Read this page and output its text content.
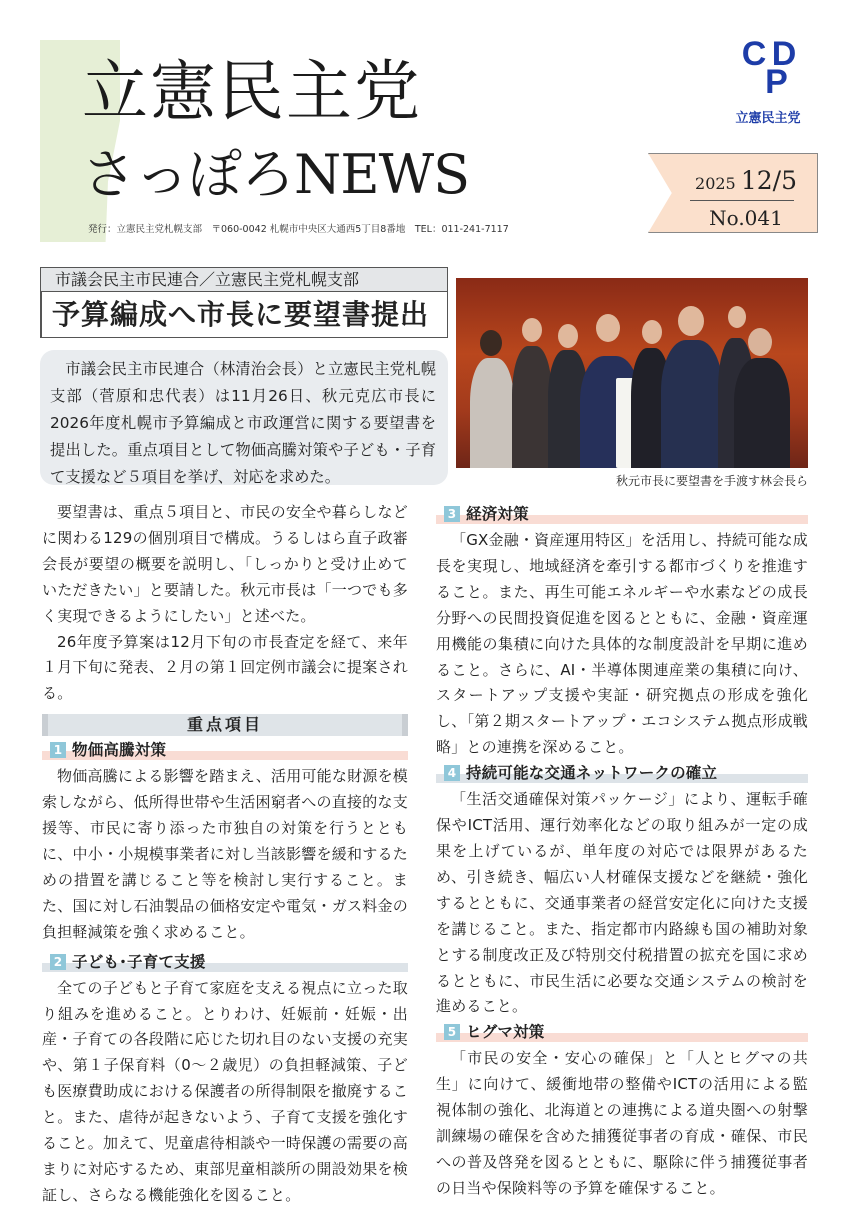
立憲民主党
さっぽろNEWS
発行：立憲民主党札幌支部　〒060-0042 札幌市中央区大通西5丁目8番地　TEL：011-241-7117
C D
P
立憲民主党
2025 12/5
No.041
市議会民主市民連合／立憲民主党札幌支部
予算編成へ市長に要望書提出
秋元市長に要望書を手渡す林会長ら
市議会民主市民連合（林清治会長）と立憲民主党札幌支部（菅原和忠代表）は11月26日、秋元克広市長に2026年度札幌市予算編成と市政運営に関する要望書を提出した。重点項目として物価高騰対策や子ども・子育て支援など５項目を挙げ、対応を求めた。

要望書は、重点５項目と、市民の安全や暮らしなどに関わる129の個別項目で構成。うるしはら直子政審会長が要望の概要を説明し、「しっかりと受け止めていただきたい」と要請した。秋元市長は「一つでも多く実現できるようにしたい」と述べた。

26年度予算案は12月下旬の市長査定を経て、来年１月下旬に発表、２月の第１回定例市議会に提案される。

重点項目
1 物価高騰対策

物価高騰による影響を踏まえ、活用可能な財源を模索しながら、低所得世帯や生活困窮者への直接的な支援等、市民に寄り添った市独自の対策を行うとともに、中小・小規模事業者に対し当該影響を緩和するための措置を講じること等を検討し実行すること。また、国に対し石油製品の価格安定や電気・ガス料金の負担軽減策を強く求めること。

2 子ども･子育て支援

全ての子どもと子育て家庭を支える視点に立った取り組みを進めること。とりわけ、妊娠前・妊娠・出産・子育ての各段階に応じた切れ目のない支援の充実や、第１子保育料（0～２歳児）の負担軽減策、子ども医療費助成における保護者の所得制限を撤廃すること。また、虐待が起きないよう、子育て支援を強化すること。加えて、児童虐待相談や一時保護の需要の高まりに対応するため、東部児童相談所の開設効果を検証し、さらなる機能強化を図ること。

3 経済対策

「GX金融・資産運用特区」を活用し、持続可能な成長を実現し、地域経済を牽引する都市づくりを推進すること。また、再生可能エネルギーや水素などの成長分野への民間投資促進を図るとともに、金融・資産運用機能の集積に向けた具体的な制度設計を早期に進めること。さらに、AI・半導体関連産業の集積に向け、スタートアップ支援や実証・研究拠点の形成を強化し、「第２期スタートアップ・エコシステム拠点形成戦略」との連携を深めること。

4 持続可能な交通ネットワークの確立

「生活交通確保対策パッケージ」により、運転手確保やICT活用、運行効率化などの取り組みが一定の成果を上げているが、単年度の対応では限界があるため、引き続き、幅広い人材確保支援などを継続・強化するとともに、交通事業者の経営安定化に向けた支援を講じること。また、指定都市内路線も国の補助対象とする制度改正及び特別交付税措置の拡充を国に求めるとともに、市民生活に必要な交通システムの検討を進めること。

5 ヒグマ対策

「市民の安全・安心の確保」と「人とヒグマの共生」に向けて、緩衝地帯の整備やICTの活用による監視体制の強化、北海道との連携による道央圏への射撃訓練場の確保を含めた捕獲従事者の育成・確保、市民への普及啓発を図るとともに、駆除に伴う捕獲従事者の日当や保険料等の予算を確保すること。
